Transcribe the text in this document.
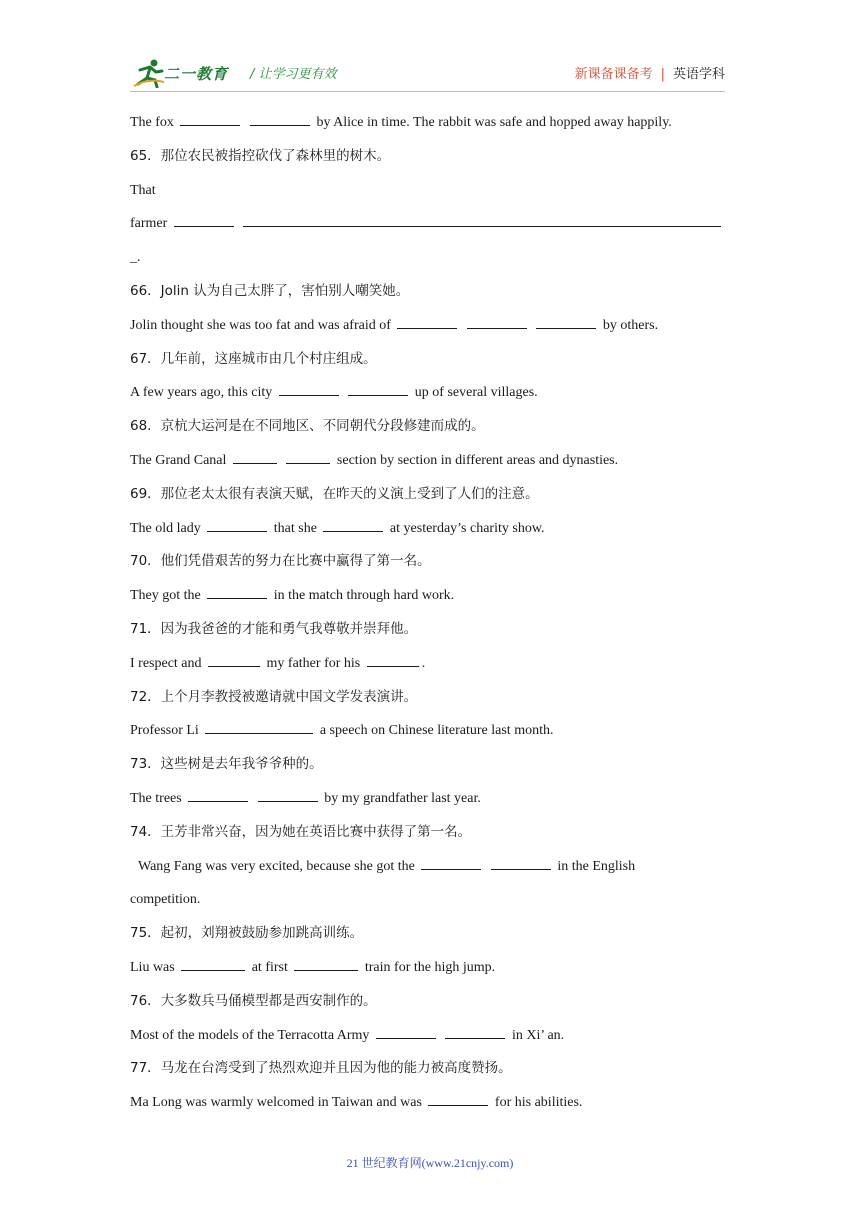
二一教育 / 让学习更有效	新课备课备考 | 英语学科
The fox	by Alice in time. The rabbit was safe and hopped away happily.
65．那位农民被指控砍伐了森林里的树木。
That
farmer
_.
66．Jolin 认为自己太胖了，害怕别人嘲笑她。
Jolin thought she was too fat and was afraid of	by others.
67．几年前，这座城市由几个村庄组成。
A few years ago, this city	up of several villages.
68．京杭大运河是在不同地区、不同朝代分段修建而成的。
The Grand Canal	section by section in different areas and dynasties.
69．那位老太太很有表演天赋，在昨天的义演上受到了人们的注意。
The old lady	that she	at yesterday’s charity show.
70．他们凭借艰苦的努力在比赛中赢得了第一名。
They got the	in the match through hard work.
71．因为我爸爸的才能和勇气我尊敬并崇拜他。
I respect and	my father for his	.
72．上个月李教授被邀请就中国文学发表演讲。
Professor Li	a speech on Chinese literature last month.
73．这些树是去年我爷爷种的。
The trees	by my grandfather last year.
74．王芳非常兴奋，因为她在英语比赛中获得了第一名。
Wang Fang was very excited, because she got the	in the English
competition.
75．起初，刘翔被鼓励参加跳高训练。
Liu was	at first	train for the high jump.
76．大多数兵马俑模型都是西安制作的。
Most of the models of the Terracotta Army	in Xi’ an.
77．马龙在台湾受到了热烈欢迎并且因为他的能力被高度赞扬。
Ma Long was warmly welcomed in Taiwan and was	for his abilities.
21 世纪教育网(www.21cnjy.com)
